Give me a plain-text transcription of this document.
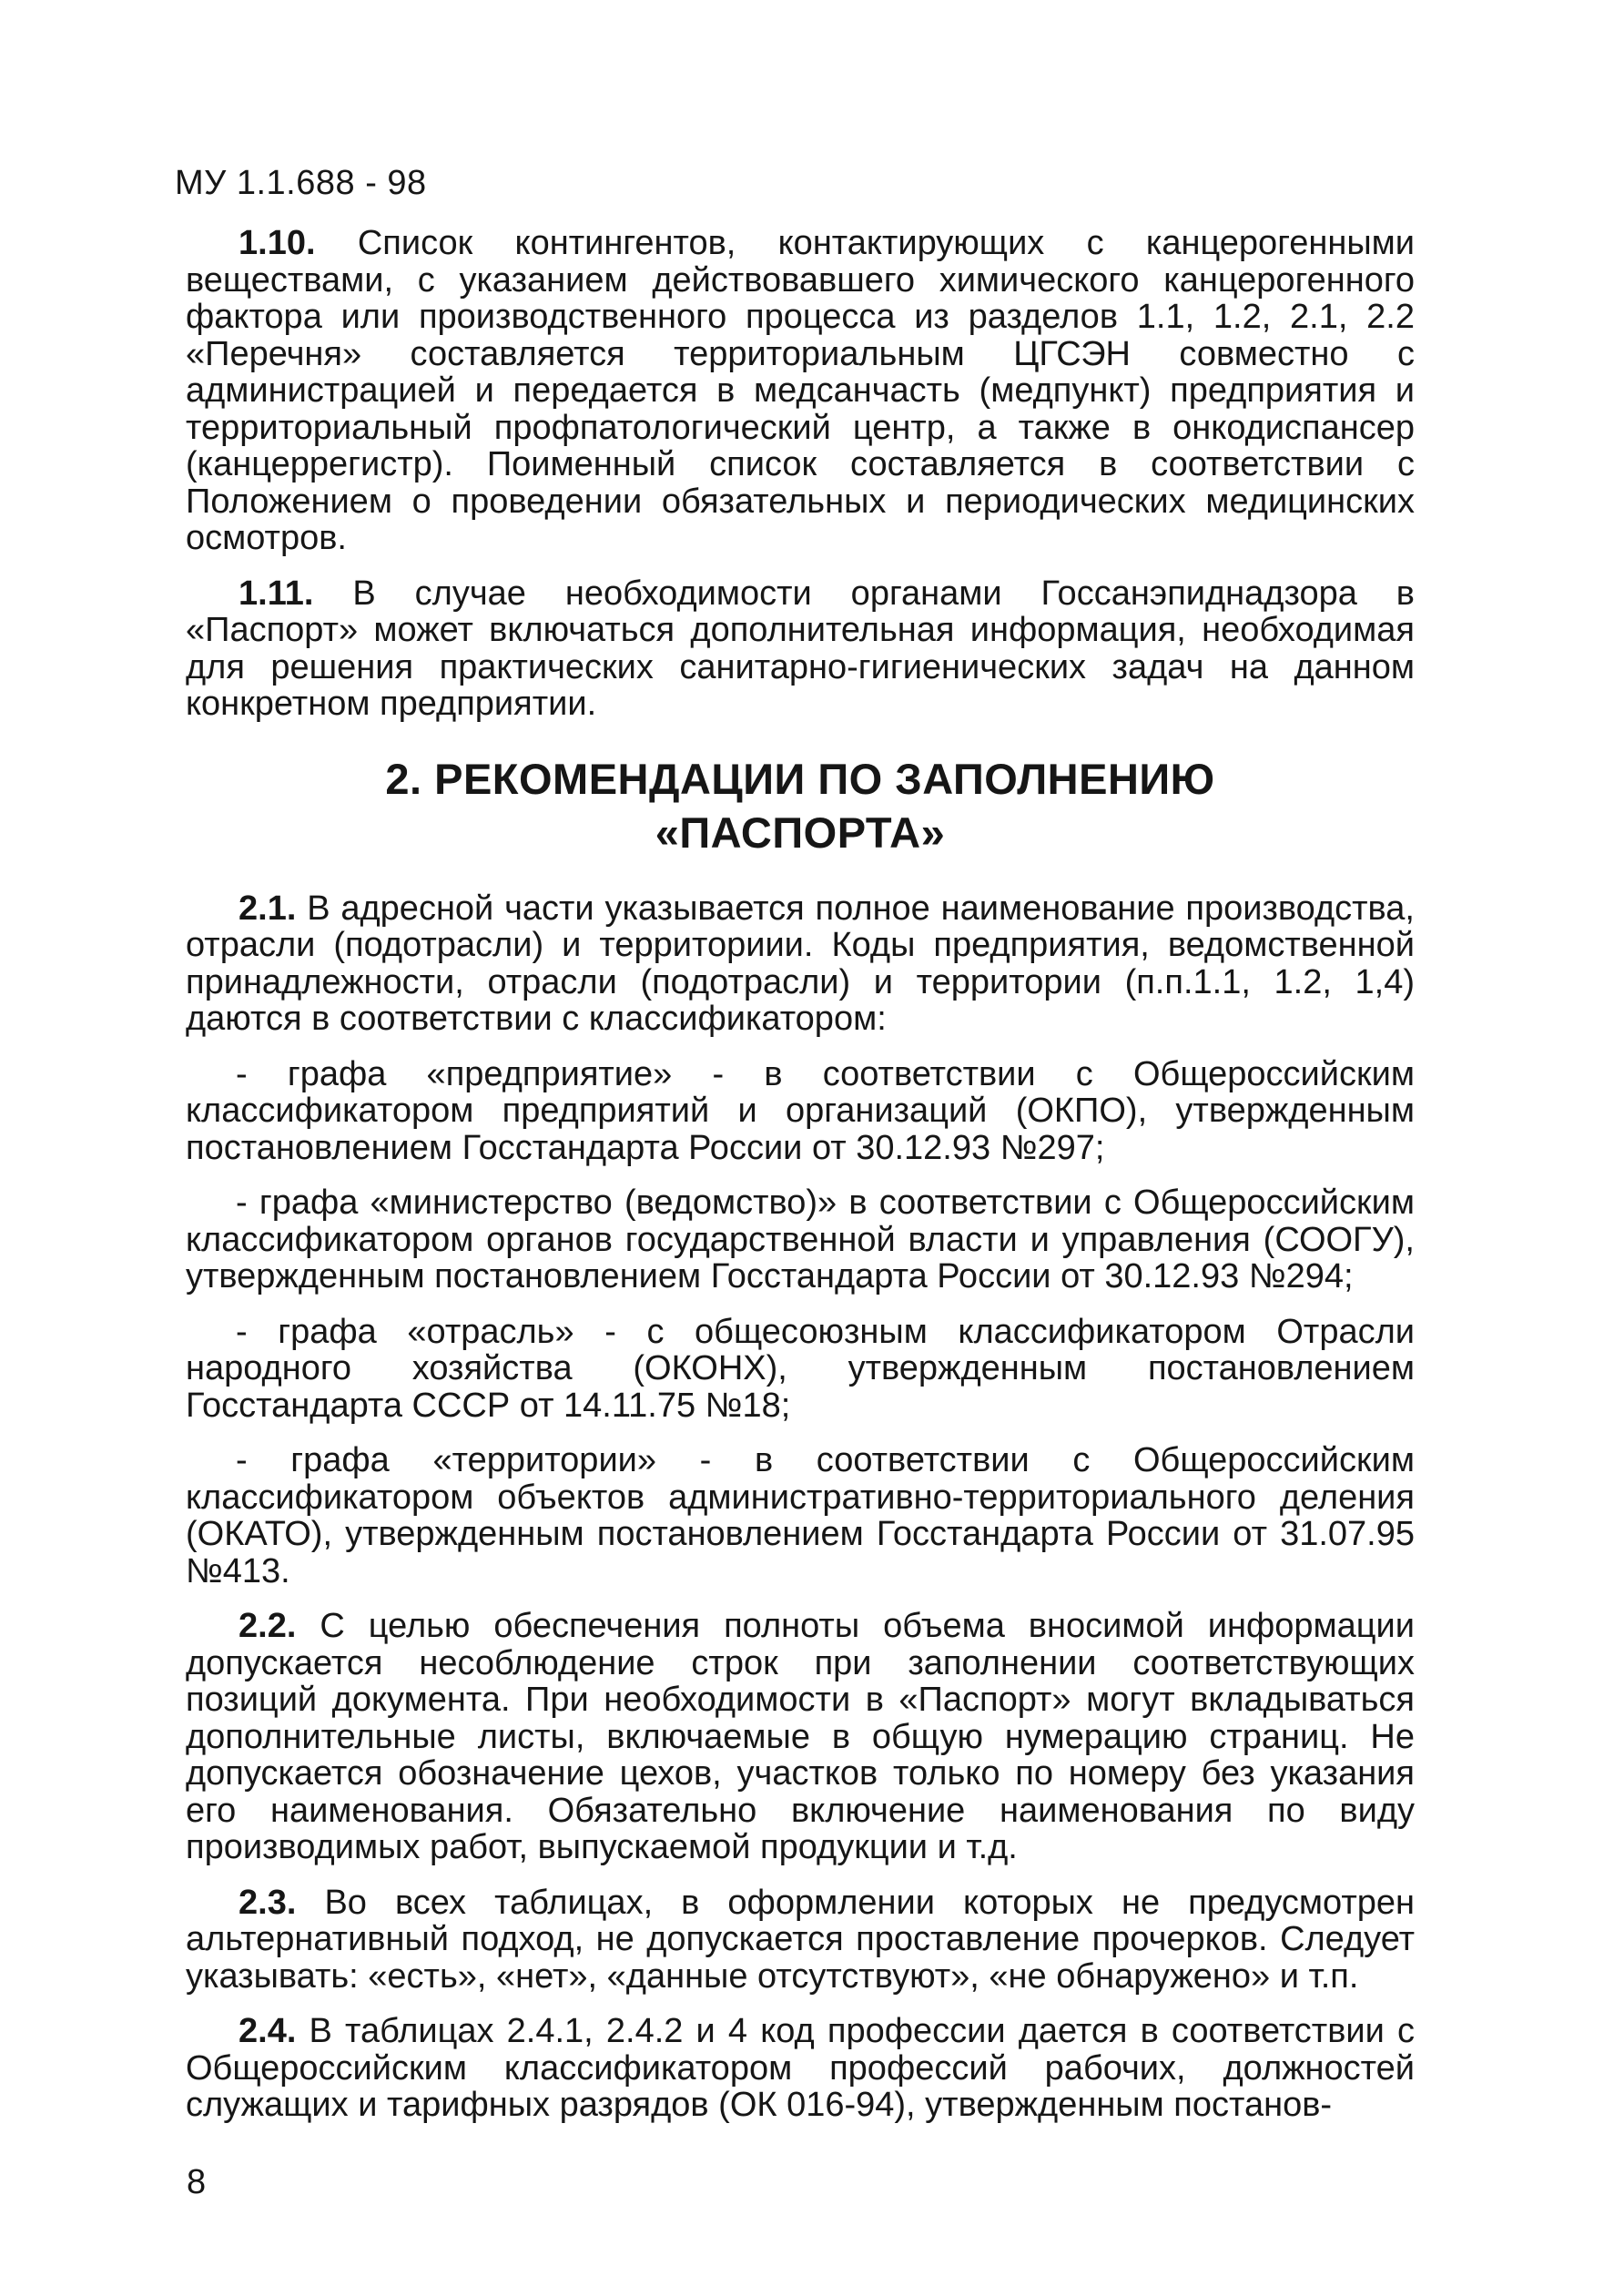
МУ 1.1.688 - 98

1.10. Список контингентов, контактирующих с канцерогенными веществами, с указанием действовавшего химического канцерогенного фактора или производственного процесса из разделов 1.1, 1.2, 2.1, 2.2 «Перечня» составляется территориальным ЦГСЭН совместно с администрацией и передается в медсанчасть (медпункт) предприятия и территориальный профпатологический центр, а также в онкодиспансер (канцеррегистр). Поименный список составляется в соответствии с Положением о проведении обязательных и периодических медицинских осмотров.

1.11. В случае необходимости органами Госсанэпиднадзора в «Паспорт» может включаться дополнительная информация, необходимая для решения практических санитарно-гигиенических задач на данном конкретном предприятии.

2. РЕКОМЕНДАЦИИ ПО ЗАПОЛНЕНИЮ
«ПАСПОРТА»

2.1. В адресной части указывается полное наименование производства, отрасли (подотрасли) и территориии. Коды предприятия, ведомственной принадлежности, отрасли (подотрасли) и территории (п.п.1.1, 1.2, 1,4) даются в соответствии с классификатором:

- графа «предприятие» - в соответствии с Общероссийским классификатором предприятий и организаций (ОКПО), утвержденным постановлением Госстандарта России от 30.12.93 №297;

- графа «министерство (ведомство)» в соответствии с Общероссийским классификатором органов государственной власти и управления (СООГУ), утвержденным постановлением Госстандарта России от 30.12.93 №294;

- графа «отрасль» - с общесоюзным классификатором Отрасли народного хозяйства (ОКОНХ), утвержденным постановлением Госстандарта СССР от 14.11.75 №18;

- графа «территории» - в соответствии с Общероссийским классификатором объектов административно-территориального деления (ОКАТО), утвержденным постановлением Госстандарта России от 31.07.95 №413.

2.2. С целью обеспечения полноты объема вносимой информации допускается несоблюдение строк при заполнении соответствующих позиций документа. При необходимости в «Паспорт» могут вкладываться дополнительные листы, включаемые в общую нумерацию страниц. Не допускается обозначение цехов, участков только по номеру без указания его наименования. Обязательно включение наименования по виду производимых работ, выпускаемой продукции и т.д.

2.3. Во всех таблицах, в оформлении которых не предусмотрен альтернативный подход, не допускается проставление прочерков. Следует указывать: «есть», «нет», «данные отсутствуют», «не обнаружено» и т.п.

2.4. В таблицах 2.4.1, 2.4.2 и 4 код профессии дается в соответствии с Общероссийским классификатором профессий рабочих, должностей служащих и тарифных разрядов (ОК 016-94), утвержденным постанов-

8
